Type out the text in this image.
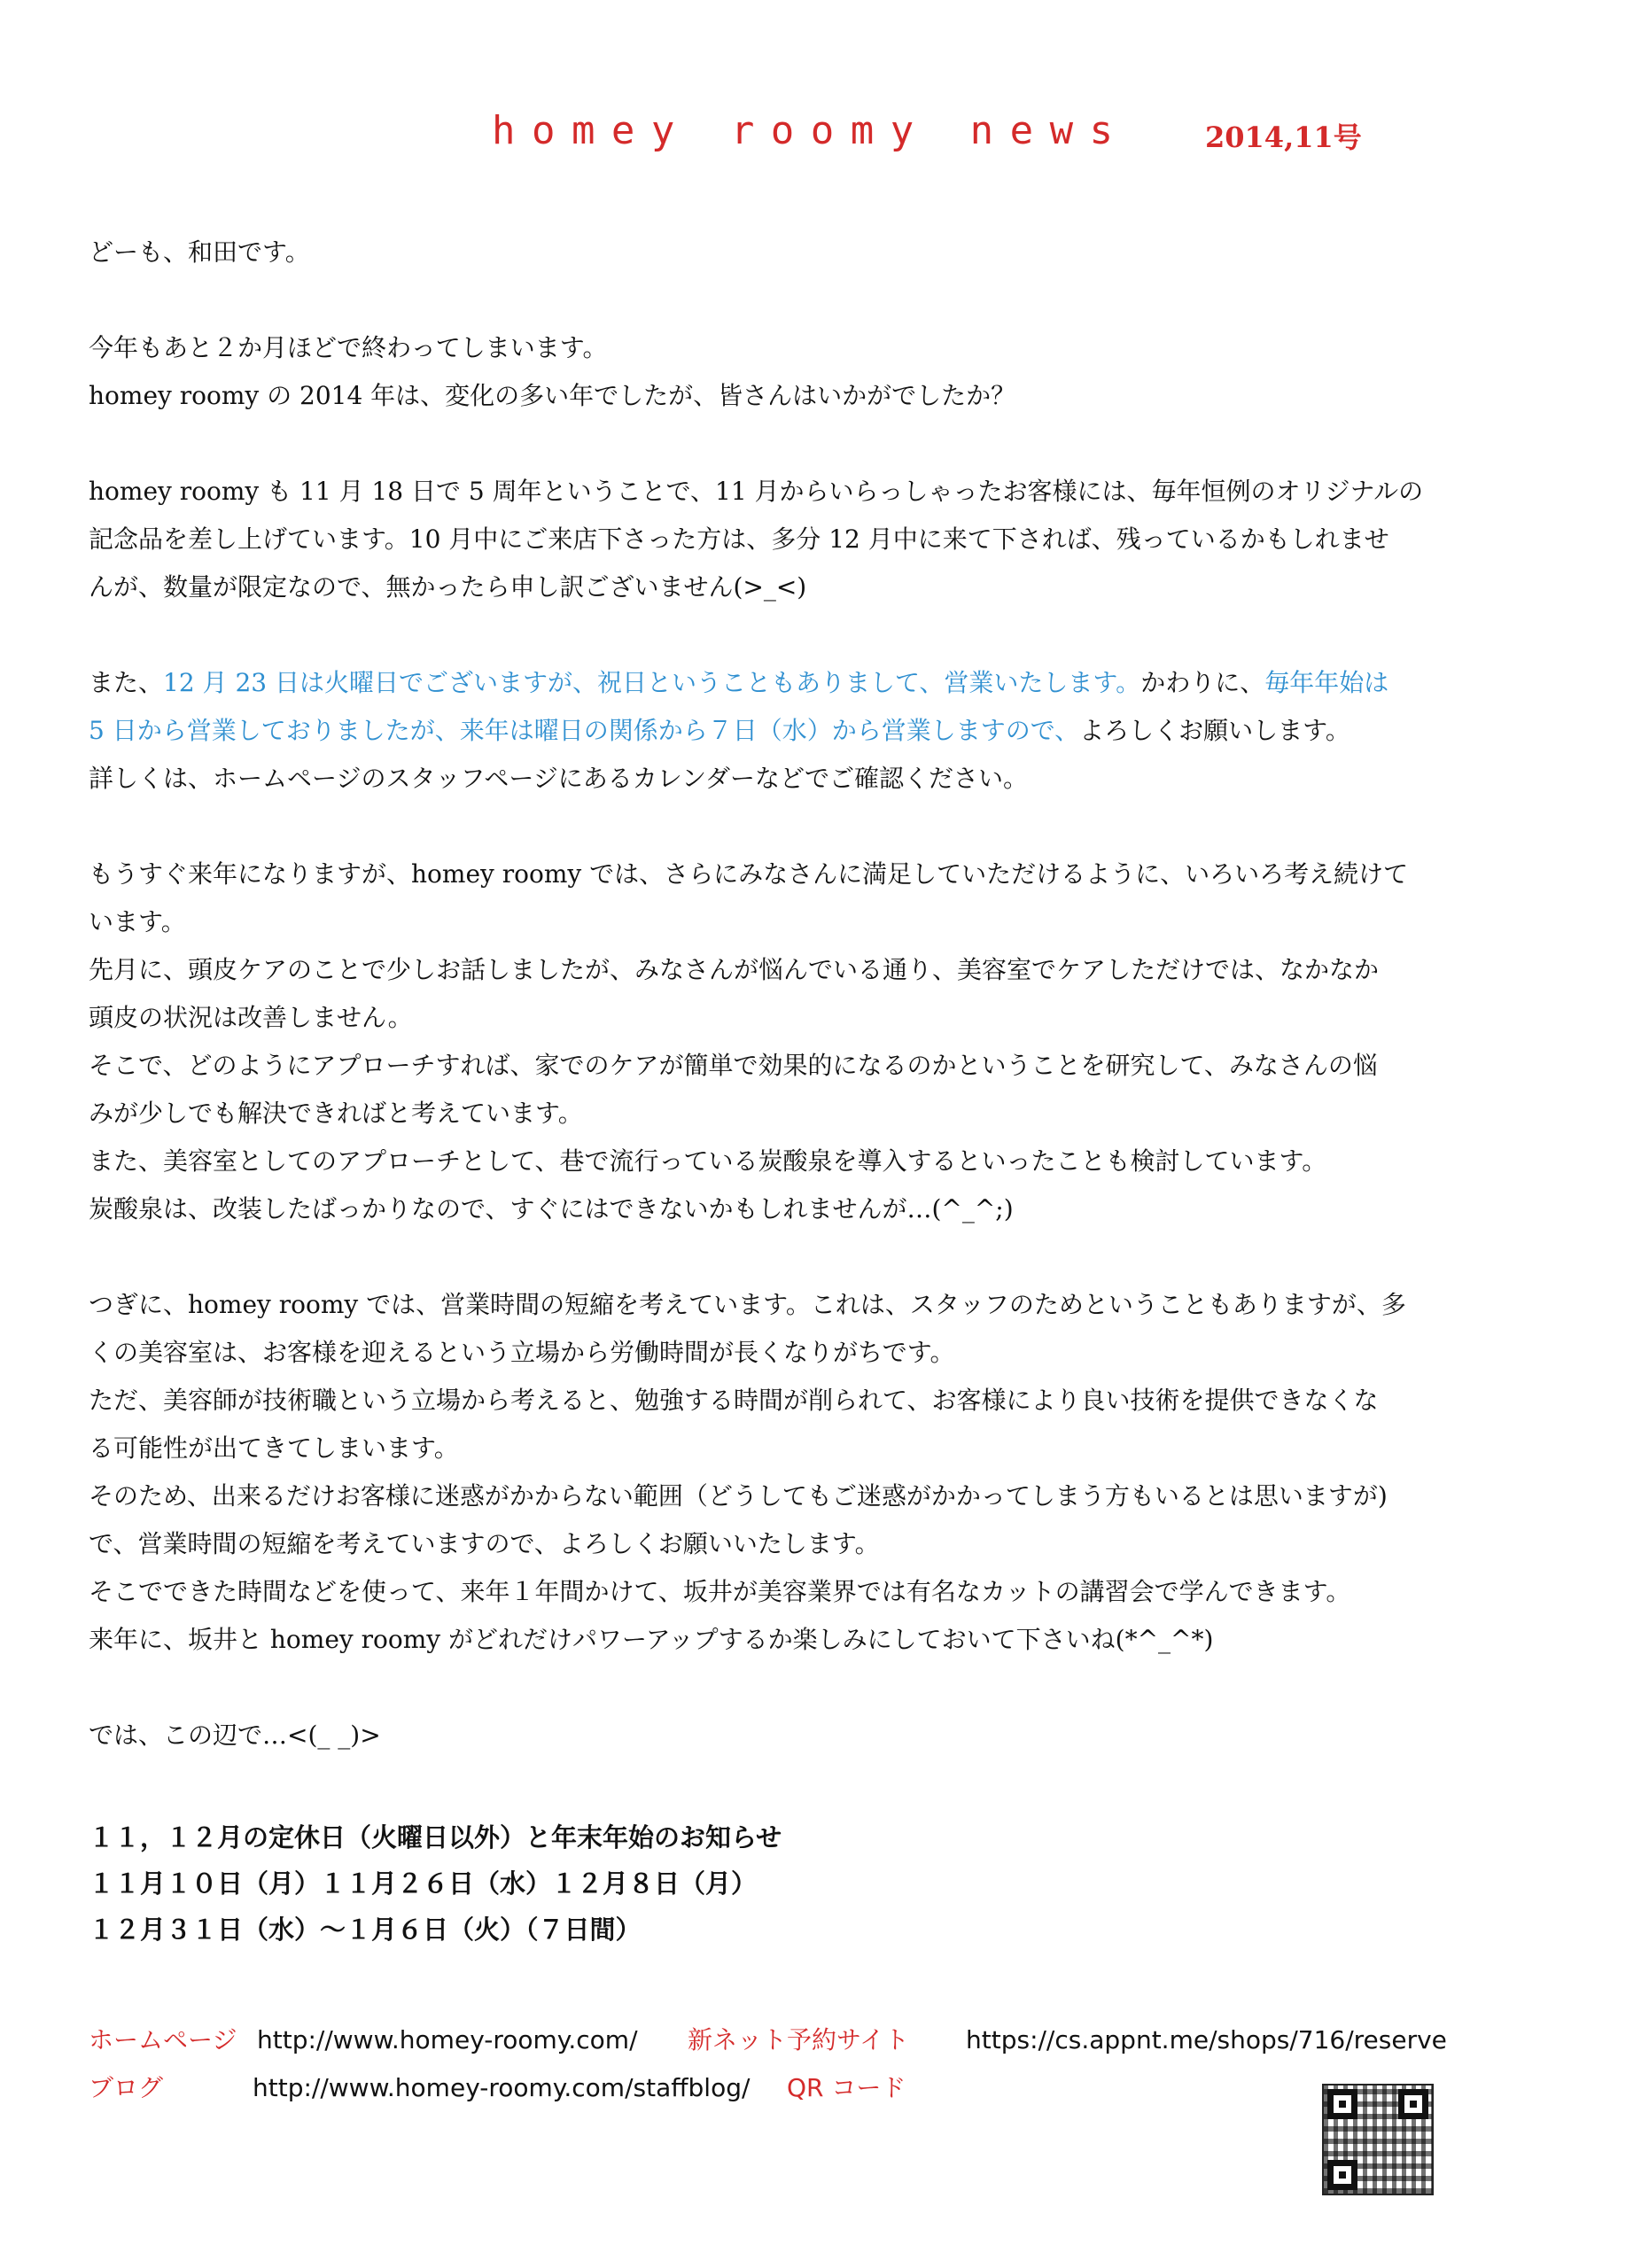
homey roomy news	2014,11号

どーも、和田です。

今年もあと２か月ほどで終わってしまいます。

homey roomy の 2014 年は、変化の多い年でしたが、皆さんはいかがでしたか？

homey roomy も 11 月 18 日で 5 周年ということで、11 月からいらっしゃったお客様には、毎年恒例のオリジナルの

記念品を差し上げています。10 月中にご来店下さった方は、多分 12 月中に来て下されば、残っているかもしれませ

んが、数量が限定なので、無かったら申し訳ございません(>_<)

また、12 月 23 日は火曜日でございますが、祝日ということもありまして、営業いたします。かわりに、毎年年始は

5 日から営業しておりましたが、来年は曜日の関係から７日（水）から営業しますので、よろしくお願いします。

詳しくは、ホームページのスタッフページにあるカレンダーなどでご確認ください。

もうすぐ来年になりますが、homey roomy では、さらにみなさんに満足していただけるように、いろいろ考え続けて

います。

先月に、頭皮ケアのことで少しお話しましたが、みなさんが悩んでいる通り、美容室でケアしただけでは、なかなか

頭皮の状況は改善しません。

そこで、どのようにアプローチすれば、家でのケアが簡単で効果的になるのかということを研究して、みなさんの悩

みが少しでも解決できればと考えています。

また、美容室としてのアプローチとして、巷で流行っている炭酸泉を導入するといったことも検討しています。

炭酸泉は、改装したばっかりなので、すぐにはできないかもしれませんが…(^_^;)

つぎに、homey roomy では、営業時間の短縮を考えています。これは、スタッフのためということもありますが、多

くの美容室は、お客様を迎えるという立場から労働時間が長くなりがちです。

ただ、美容師が技術職という立場から考えると、勉強する時間が削られて、お客様により良い技術を提供できなくな

る可能性が出てきてしまいます。

そのため、出来るだけお客様に迷惑がかからない範囲（どうしてもご迷惑がかかってしまう方もいるとは思いますが)

で、営業時間の短縮を考えていますので、よろしくお願いいたします。

そこでできた時間などを使って、来年１年間かけて、坂井が美容業界では有名なカットの講習会で学んできます。

来年に、坂井と homey roomy がどれだけパワーアップするか楽しみにしておいて下さいね(*^_^*)

では、この辺で…<(_ _)>

１１，１２月の定休日（火曜日以外）と年末年始のお知らせ

１１月１０日（月）１１月２６日（水）１２月８日（月）

１２月３１日（水）〜１月６日（火）（７日間）

ホームページ http://www.homey-roomy.com/ 新ネット予約サイト https://cs.appnt.me/shops/716/reserve
ブログ	http://www.homey-roomy.com/staffblog/ QR コード
